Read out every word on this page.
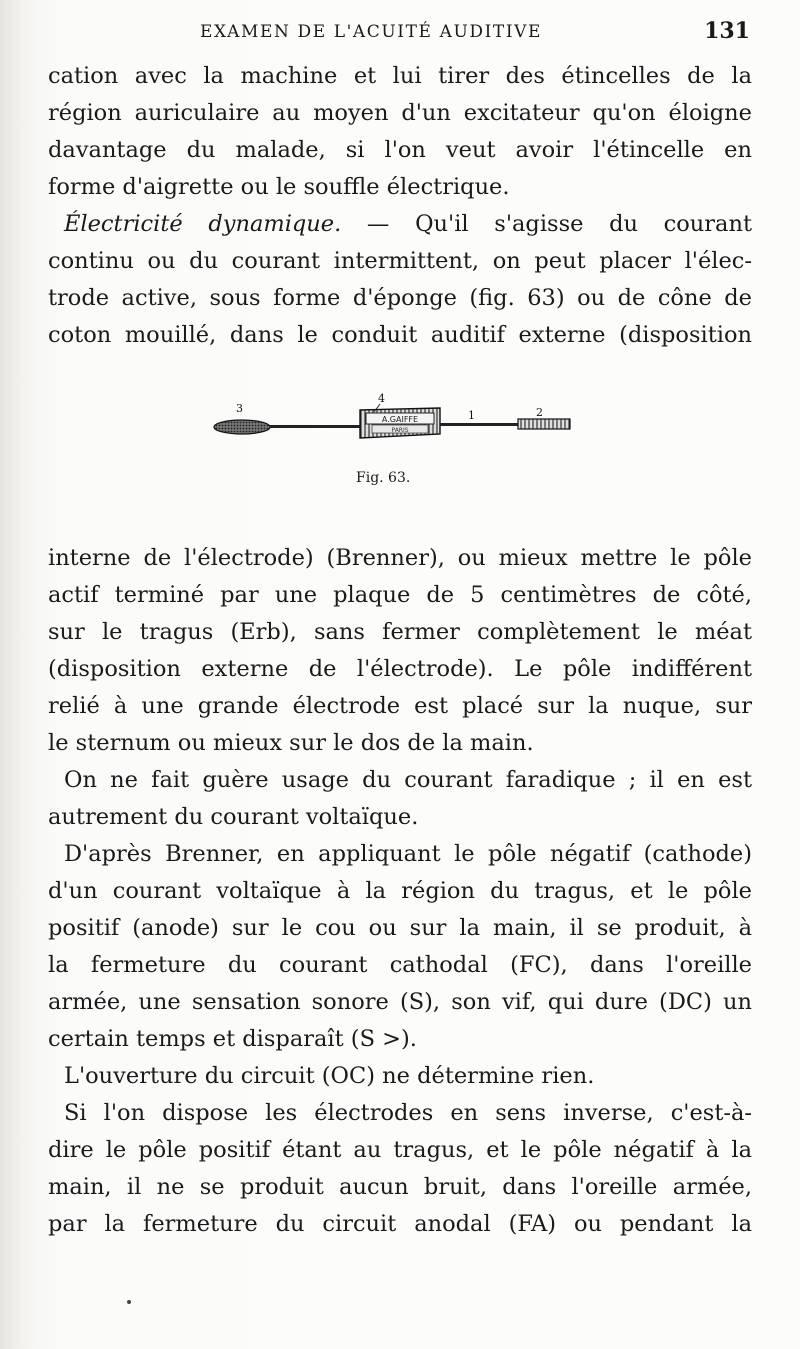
EXAMEN DE L'ACUITÉ AUDITIVE	131
cation avec la machine et lui tirer des étincelles de la
région auriculaire au moyen d'un excitateur qu'on éloigne
davantage du malade, si l'on veut avoir l'étincelle en
forme d'aigrette ou le souffle électrique.
Électricité dynamique. — Qu'il s'agisse du courant
continu ou du courant intermittent, on peut placer l'élec-
trode active, sous forme d'éponge (fig. 63) ou de cône de
coton mouillé, dans le conduit auditif externe (disposition
4
3
1	2
A.GAIFFE
PARIS
Fig. 63.
interne de l'électrode) (Brenner), ou mieux mettre le pôle
actif terminé par une plaque de 5 centimètres de côté,
sur le tragus (Erb), sans fermer complètement le méat
(disposition externe de l'électrode). Le pôle indifférent
relié à une grande électrode est placé sur la nuque, sur
le sternum ou mieux sur le dos de la main.
On ne fait guère usage du courant faradique ; il en est
autrement du courant voltaïque.
D'après Brenner, en appliquant le pôle négatif (cathode)
d'un courant voltaïque à la région du tragus, et le pôle
positif (anode) sur le cou ou sur la main, il se produit, à
la fermeture du courant cathodal (FC), dans l'oreille
armée, une sensation sonore (S), son vif, qui dure (DC) un
certain temps et disparaît (S >).
L'ouverture du circuit (OC) ne détermine rien.
Si l'on dispose les électrodes en sens inverse, c'est-à-
dire le pôle positif étant au tragus, et le pôle négatif à la
main, il ne se produit aucun bruit, dans l'oreille armée,
par la fermeture du circuit anodal (FA) ou pendant la
